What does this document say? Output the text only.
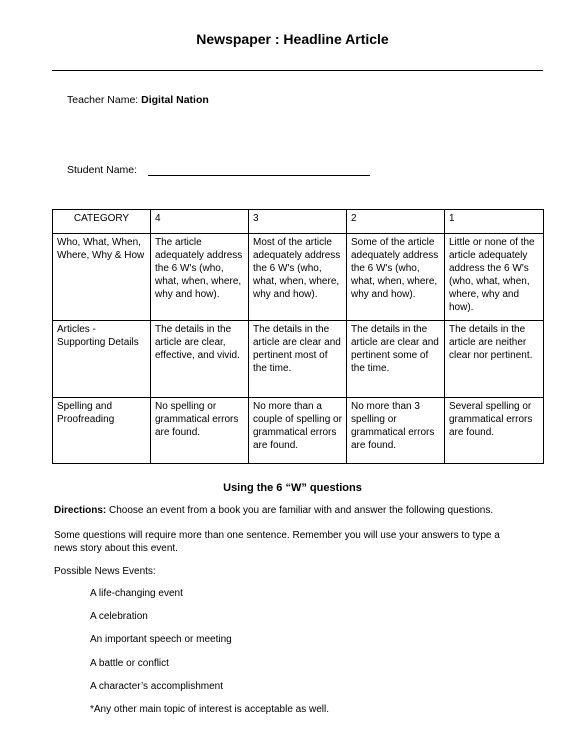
Newspaper : Headline Article
Teacher Name: Digital Nation
Student Name:
CATEGORY	4	3	2	1
Who, What, When, Where, Why & How	The article adequately address the 6 W's (who, what, when, where, why and how).	Most of the article adequately address the 6 W's (who, what, when, where, why and how).	Some of the article adequately address the 6 W's (who, what, when, where, why and how).	Little or none of the article adequately address the 6 W's (who, what, when, where, why and how).
Articles - Supporting Details	The details in the article are clear, effective, and vivid.	The details in the article are clear and pertinent most of the time.	The details in the article are clear and pertinent some of the time.	The details in the article are neither clear nor pertinent.
Spelling and Proofreading	No spelling or grammatical errors are found.	No more than a couple of spelling or grammatical errors are found.	No more than 3 spelling or grammatical errors are found.	Several spelling or grammatical errors are found.
Using the 6 “W” questions
Directions: Choose an event from a book you are familiar with and answer the following questions.
Some questions will require more than one sentence. Remember you will use your answers to type a news story about this event.
Possible News Events:
A life-changing event
A celebration
An important speech or meeting
A battle or conflict
A character’s accomplishment
*Any other main topic of interest is acceptable as well.
